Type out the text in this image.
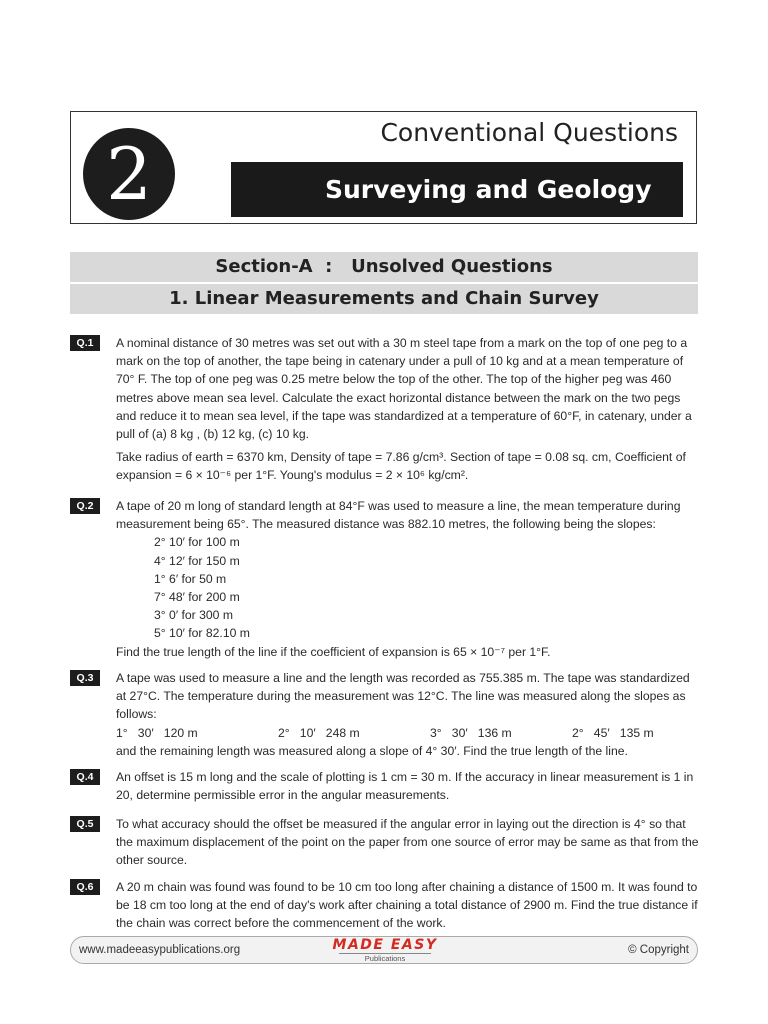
2	Conventional Questions
Surveying and Geology
Section-A  :   Unsolved Questions
1. Linear Measurements and Chain Survey
Q.1	A nominal distance of 30 metres was set out with a 30 m steel tape from a mark on the top of one peg to a mark on the top of another, the tape being in catenary under a pull of 10 kg and at a mean temperature of 70° F. The top of one peg was 0.25 metre below the top of the other. The top of the higher peg was 460 metres above mean sea level. Calculate the exact horizontal distance between the mark on the two pegs and reduce it to mean sea level, if the tape was standardized at a temperature of 60°F, in catenary, under a pull of (a) 8 kg , (b) 12 kg, (c) 10 kg.

Take radius of earth = 6370 km, Density of tape = 7.86 g/cm³. Section of tape = 0.08 sq. cm, Coefficient of expansion = 6 × 10⁻⁶ per 1°F. Young's modulus = 2 × 10⁶ kg/cm².

Q.2	A tape of 20 m long of standard length at 84°F was used to measure a line, the mean temperature during measurement being 65°. The measured distance was 882.10 metres, the following being the slopes:

2° 10′ for 100 m

4° 12′ for 150 m

1° 6′ for 50 m

7° 48′ for 200 m

3° 0′ for 300 m

5° 10′ for 82.10 m

Find the true length of the line if the coefficient of expansion is 65 × 10⁻⁷ per 1°F.

Q.3	A tape was used to measure a line and the length was recorded as 755.385 m. The tape was standardized at 27°C. The temperature during the measurement was 12°C. The line was measured along the slopes as follows:

1°   30′   120 m	2°   10′   248 m	3°   30′   136 m	2°   45′   135 m

and the remaining length was measured along a slope of 4° 30′. Find the true length of the line.

Q.4	An offset is 15 m long and the scale of plotting is 1 cm = 30 m. If the accuracy in linear measurement is 1 in 20, determine permissible error in the angular measurements.

Q.5	To what accuracy should the offset be measured if the angular error in laying out the direction is 4° so that the maximum displacement of the point on the paper from one source of error may be same as that from the other source.

Q.6	A 20 m chain was found was found to be 10 cm too long after chaining a distance of 1500 m. It was found to be 18 cm too long at the end of day's work after chaining a total distance of 2900 m. Find the true distance if the chain was correct before the commencement of the work.

www.madeeasypublications.org	MADE EASY
Publications
© Copyright
